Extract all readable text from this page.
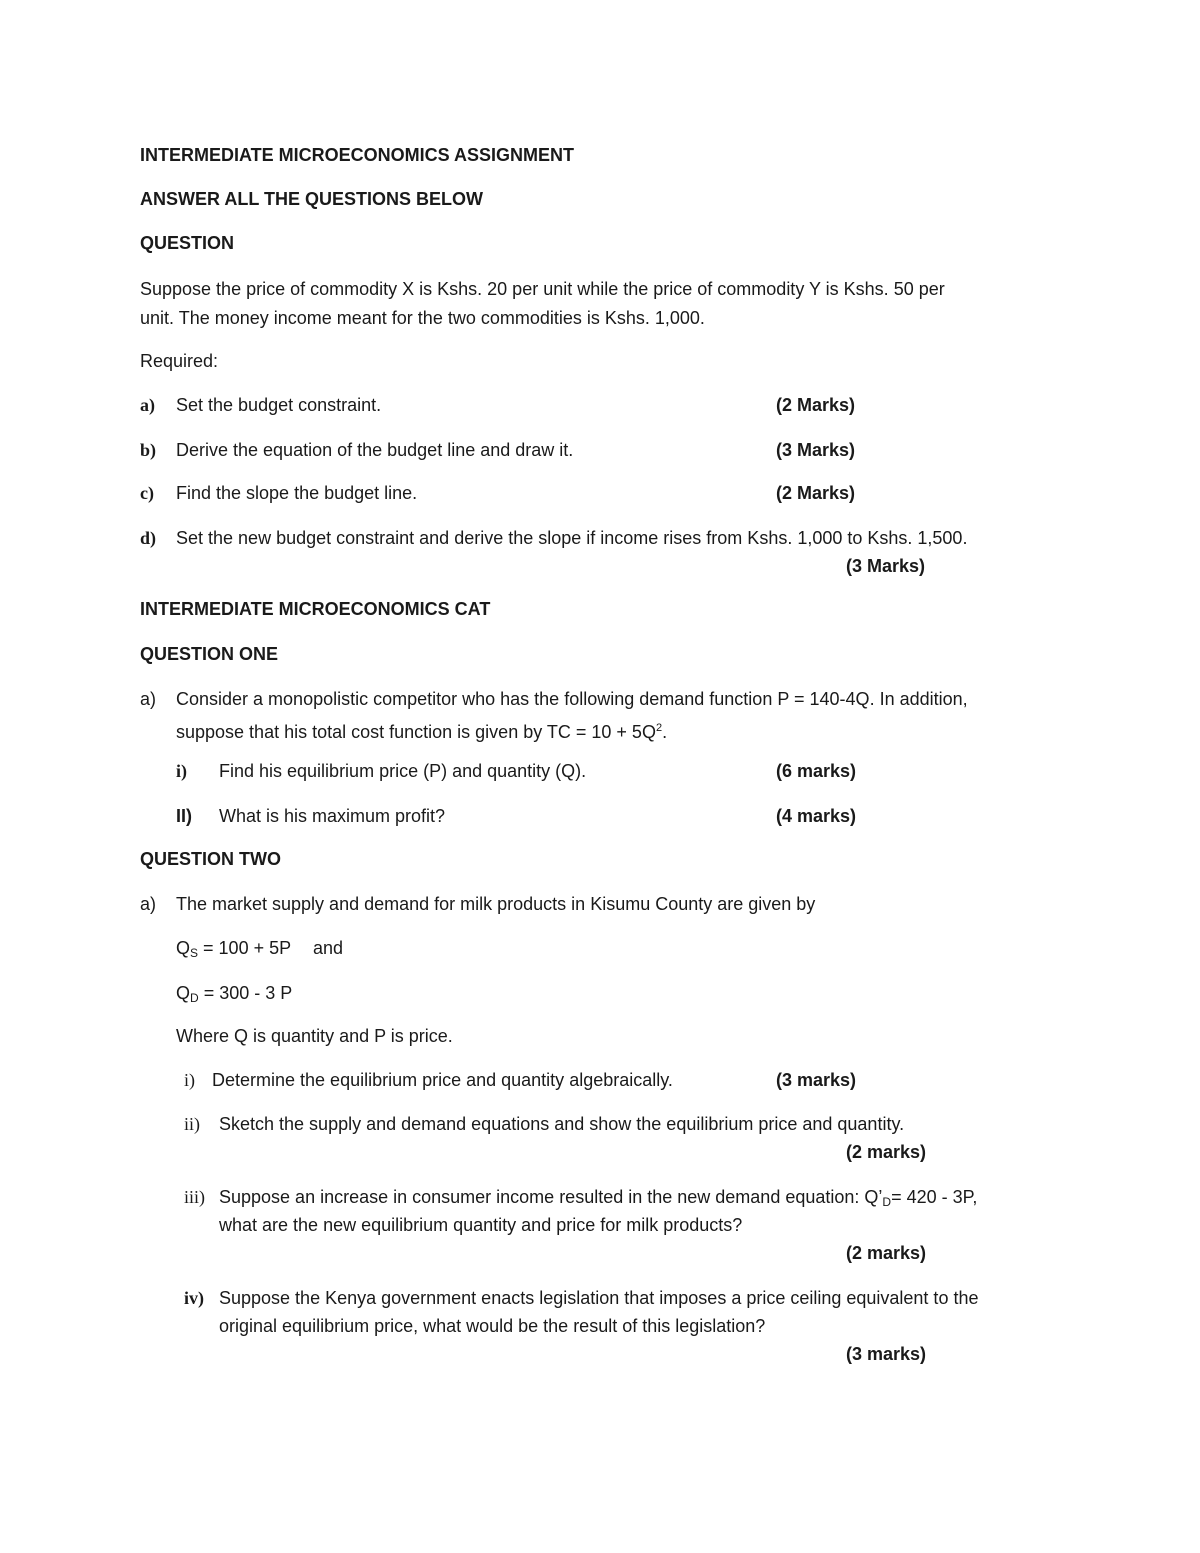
INTERMEDIATE MICROECONOMICS ASSIGNMENT
ANSWER ALL THE QUESTIONS BELOW
QUESTION
Suppose the price of commodity X is Kshs. 20 per unit while the price of commodity Y is Kshs. 50 per
unit. The money income meant for the two commodities is Kshs. 1,000.
Required:
a) Set the budget constraint.	(2 Marks)
b) Derive the equation of the budget line and draw it.	(3 Marks)
c) Find the slope the budget line.	(2 Marks)
d) Set the new budget constraint and derive the slope if income rises from Kshs. 1,000 to Kshs. 1,500.
(3 Marks)
INTERMEDIATE MICROECONOMICS CAT
QUESTION ONE
a) Consider a monopolistic competitor who has the following demand function P = 140-4Q. In addition,
suppose that his total cost function is given by TC = $10 + 5Q^2$.
i) Find his equilibrium price (P) and quantity (Q).	(6 marks)
II) What is his maximum profit?	(4 marks)
QUESTION TWO
a) The market supply and demand for milk products in Kisumu County are given by
$Q_S = 100 + 5P$ and
$Q_D = 300 - 3$ P
Where Q is quantity and P is price.
i) Determine the equilibrium price and quantity algebraically.	(3 marks)
ii) Sketch the supply and demand equations and show the equilibrium price and quantity.
(2 marks)
iii) Suppose an increase in consumer income resulted in the new demand equation: $Q’_D= 420 - 3P$,
what are the new equilibrium quantity and price for milk products?
(2 marks)
iv) Suppose the Kenya government enacts legislation that imposes a price ceiling equivalent to the
original equilibrium price, what would be the result of this legislation?
(3 marks)
